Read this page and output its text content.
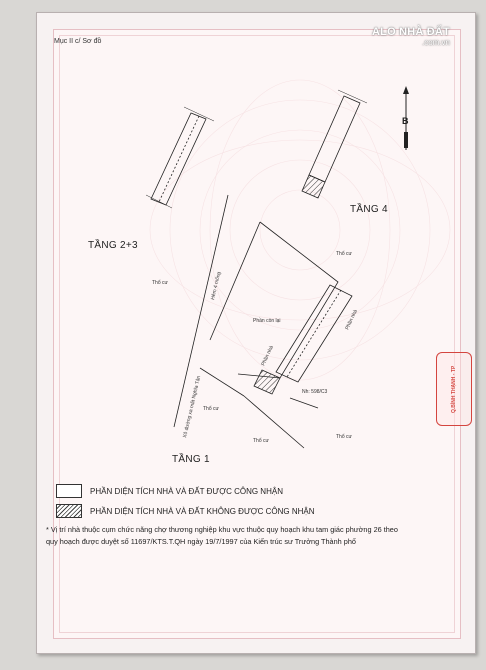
Mục II c/ Sơ đồ
ALO NHÀ ĐẤT
.com.vn
B
Thổ cư
Thổ cư
Thổ cư
Thổ cư
Thổ cư
Phần còn lại
Nh: 598/C3
Hẻm 4 mống
Xô đường xa mặt Nghĩa Tân
Phần nhà
Phần nhà
TẦNG 2+3
TẦNG 4
TẦNG 1
PHẦN DIỆN TÍCH NHÀ VÀ ĐẤT ĐƯỢC CÔNG NHẬN
PHẦN DIỆN TÍCH NHÀ VÀ ĐẤT KHÔNG ĐƯỢC CÔNG NHẬN
* Vị trí nhà thuộc cụm chức năng chợ thương nghiệp khu vực thuộc quy hoạch khu tam giác phường 26 theo quy hoạch được duyệt số 11697/KTS.T.QH ngày 19/7/1997 của Kiến trúc sư Trưởng Thành phố
Q.BÌNH THẠNH - TP
